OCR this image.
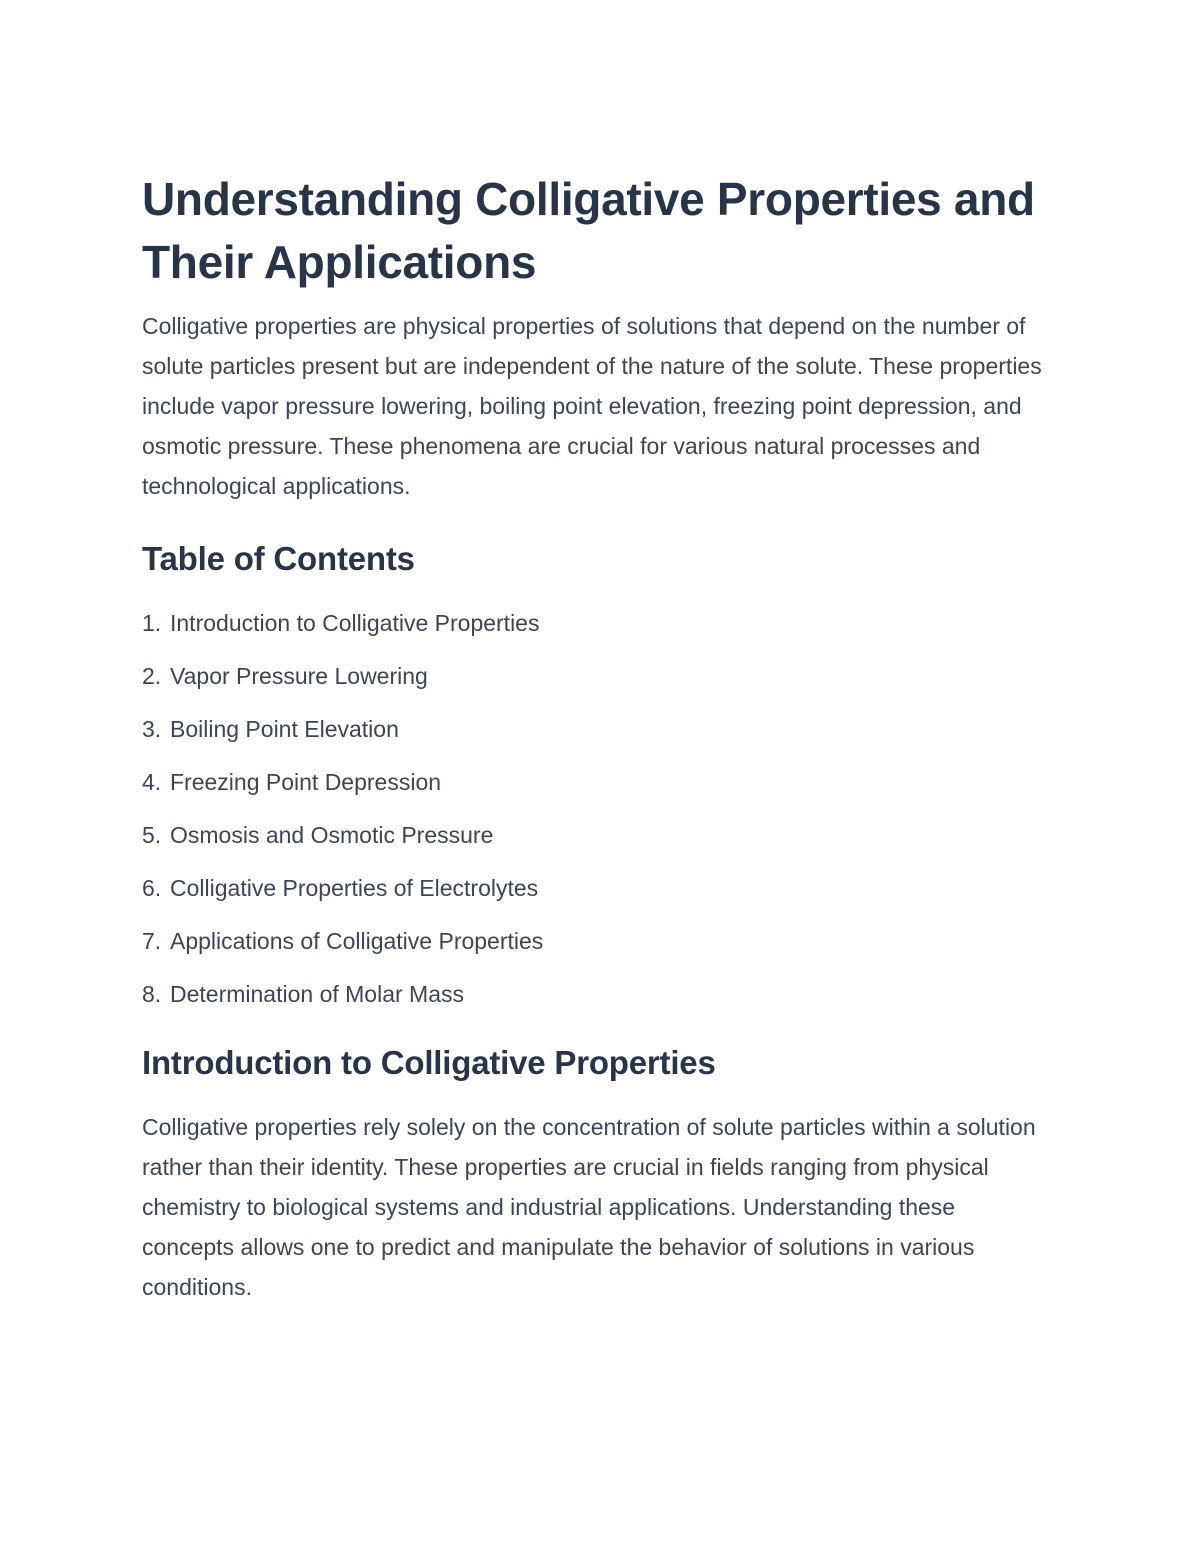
Understanding Colligative Properties and Their Applications

Colligative properties are physical properties of solutions that depend on the number of solute particles present but are independent of the nature of the solute. These properties include vapor pressure lowering, boiling point elevation, freezing point depression, and osmotic pressure. These phenomena are crucial for various natural processes and technological applications.

Table of Contents
1. Introduction to Colligative Properties
2. Vapor Pressure Lowering
3. Boiling Point Elevation
4. Freezing Point Depression
5. Osmosis and Osmotic Pressure
6. Colligative Properties of Electrolytes
7. Applications of Colligative Properties
8. Determination of Molar Mass
Introduction to Colligative Properties

Colligative properties rely solely on the concentration of solute particles within a solution rather than their identity. These properties are crucial in fields ranging from physical chemistry to biological systems and industrial applications. Understanding these concepts allows one to predict and manipulate the behavior of solutions in various conditions.
